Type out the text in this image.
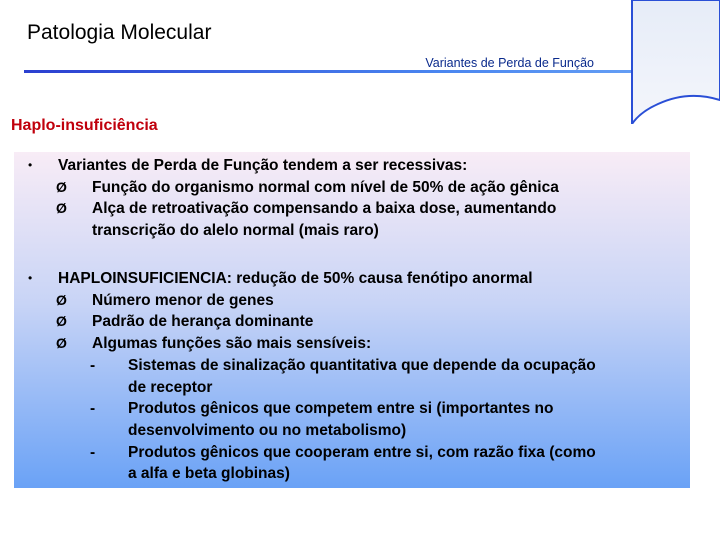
Patologia Molecular
Variantes de Perda de Função
Haplo-insuficiência
• Variantes de Perda de Função tendem a ser recessivas:
Ø Função do organismo normal com nível de 50% de ação gênica
Ø Alça de retroativação compensando a baixa dose, aumentando
transcrição do alelo normal (mais raro)
• HAPLOINSUFICIENCIA: redução de 50% causa fenótipo anormal
Ø Número menor de genes
Ø Padrão de herança dominante
Ø Algumas funções são mais sensíveis:
- Sistemas de sinalização quantitativa que depende da ocupação
de receptor
- Produtos gênicos que competem entre si (importantes no
desenvolvimento ou no metabolismo)
- Produtos gênicos que cooperam entre si, com razão fixa (como
a alfa e beta globinas)
